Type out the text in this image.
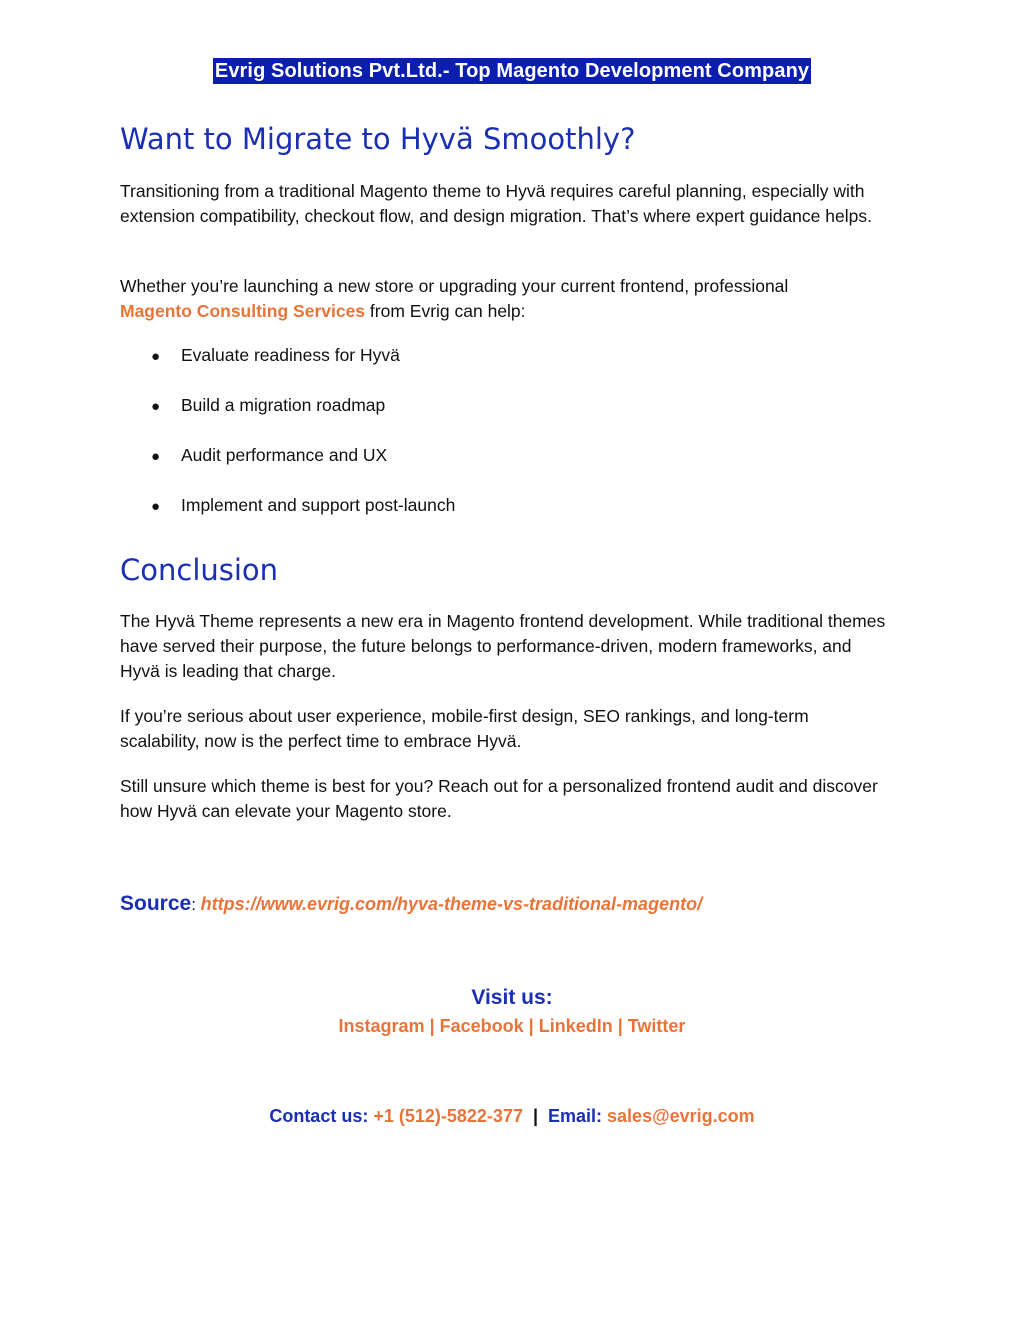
Evrig Solutions Pvt.Ltd.- Top Magento Development Company
Want to Migrate to Hyvä Smoothly?

Transitioning from a traditional Magento theme to Hyvä requires careful planning, especially with extension compatibility, checkout flow, and design migration. That’s where expert guidance helps.

Whether you’re launching a new store or upgrading your current frontend, professional
Magento Consulting Services from Evrig can help:

● Evaluate readiness for Hyvä
● Build a migration roadmap
● Audit performance and UX
● Implement and support post-launch
Conclusion

The Hyvä Theme represents a new era in Magento frontend development. While traditional themes have served their purpose, the future belongs to performance-driven, modern frameworks, and Hyvä is leading that charge.

If you’re serious about user experience, mobile-first design, SEO rankings, and long-term scalability, now is the perfect time to embrace Hyvä.

Still unsure which theme is best for you? Reach out for a personalized frontend audit and discover how Hyvä can elevate your Magento store.

Source: https://www.evrig.com/hyva-theme-vs-traditional-magento/
Visit us:
Instagram | Facebook | LinkedIn | Twitter
Contact us: +1 (512)-5822-377 | Email: sales@evrig.com
